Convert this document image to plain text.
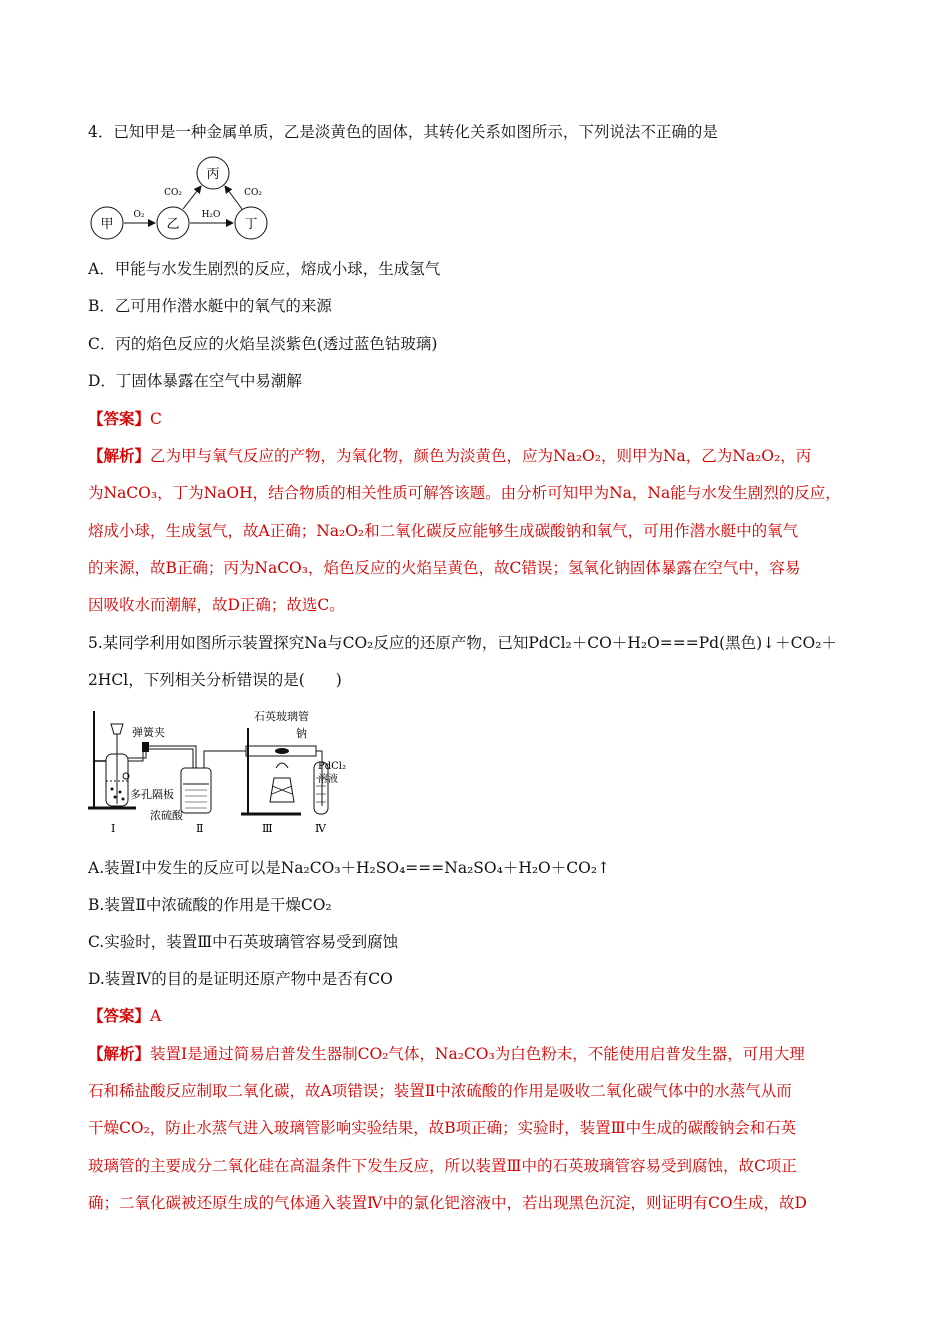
4．已知甲是一种金属单质，乙是淡黄色的固体，其转化关系如图所示，下列说法不正确的是
甲	乙
丙
丁
O₂	H₂O
CO₂	CO₂
A．甲能与水发生剧烈的反应，熔成小球，生成氢气
B．乙可用作潜水艇中的氧气的来源
C．丙的焰色反应的火焰呈淡紫色(透过蓝色钴玻璃)
D．丁固体暴露在空气中易潮解
【答案】C
【解析】乙为甲与氧气反应的产物，为氧化物，颜色为淡黄色，应为Na₂O₂，则甲为Na，乙为Na₂O₂，丙
为NaCO₃，丁为NaOH，结合物质的相关性质可解答该题。由分析可知甲为Na，Na能与水发生剧烈的反应，
熔成小球，生成氢气，故A正确；Na₂O₂和二氧化碳反应能够生成碳酸钠和氧气，可用作潜水艇中的氧气
的来源，故B正确；丙为NaCO₃，焰色反应的火焰呈黄色，故C错误；氢氧化钠固体暴露在空气中，容易
因吸收水而潮解，故D正确；故选C。
5.某同学利用如图所示装置探究Na与CO₂反应的还原产物，已知PdCl₂＋CO＋H₂O===Pd(黑色)↓＋CO₂＋
2HCl，下列相关分析错误的是(　　)
弹簧夹
石英玻璃管
钠
PdCl₂
溶液
多孔隔板
浓硫酸
Ⅰ	Ⅱ	Ⅲ	Ⅳ
A.装置Ⅰ中发生的反应可以是Na₂CO₃＋H₂SO₄===Na₂SO₄＋H₂O＋CO₂↑
B.装置Ⅱ中浓硫酸的作用是干燥CO₂
C.实验时，装置Ⅲ中石英玻璃管容易受到腐蚀
D.装置Ⅳ的目的是证明还原产物中是否有CO
【答案】A
【解析】装置Ⅰ是通过简易启普发生器制CO₂气体，Na₂CO₃为白色粉末，不能使用启普发生器，可用大理
石和稀盐酸反应制取二氧化碳，故A项错误；装置Ⅱ中浓硫酸的作用是吸收二氧化碳气体中的水蒸气从而
干燥CO₂，防止水蒸气进入玻璃管影响实验结果，故B项正确；实验时，装置Ⅲ中生成的碳酸钠会和石英
玻璃管的主要成分二氧化硅在高温条件下发生反应，所以装置Ⅲ中的石英玻璃管容易受到腐蚀，故C项正
确；二氧化碳被还原生成的气体通入装置Ⅳ中的氯化钯溶液中，若出现黑色沉淀，则证明有CO生成，故D
